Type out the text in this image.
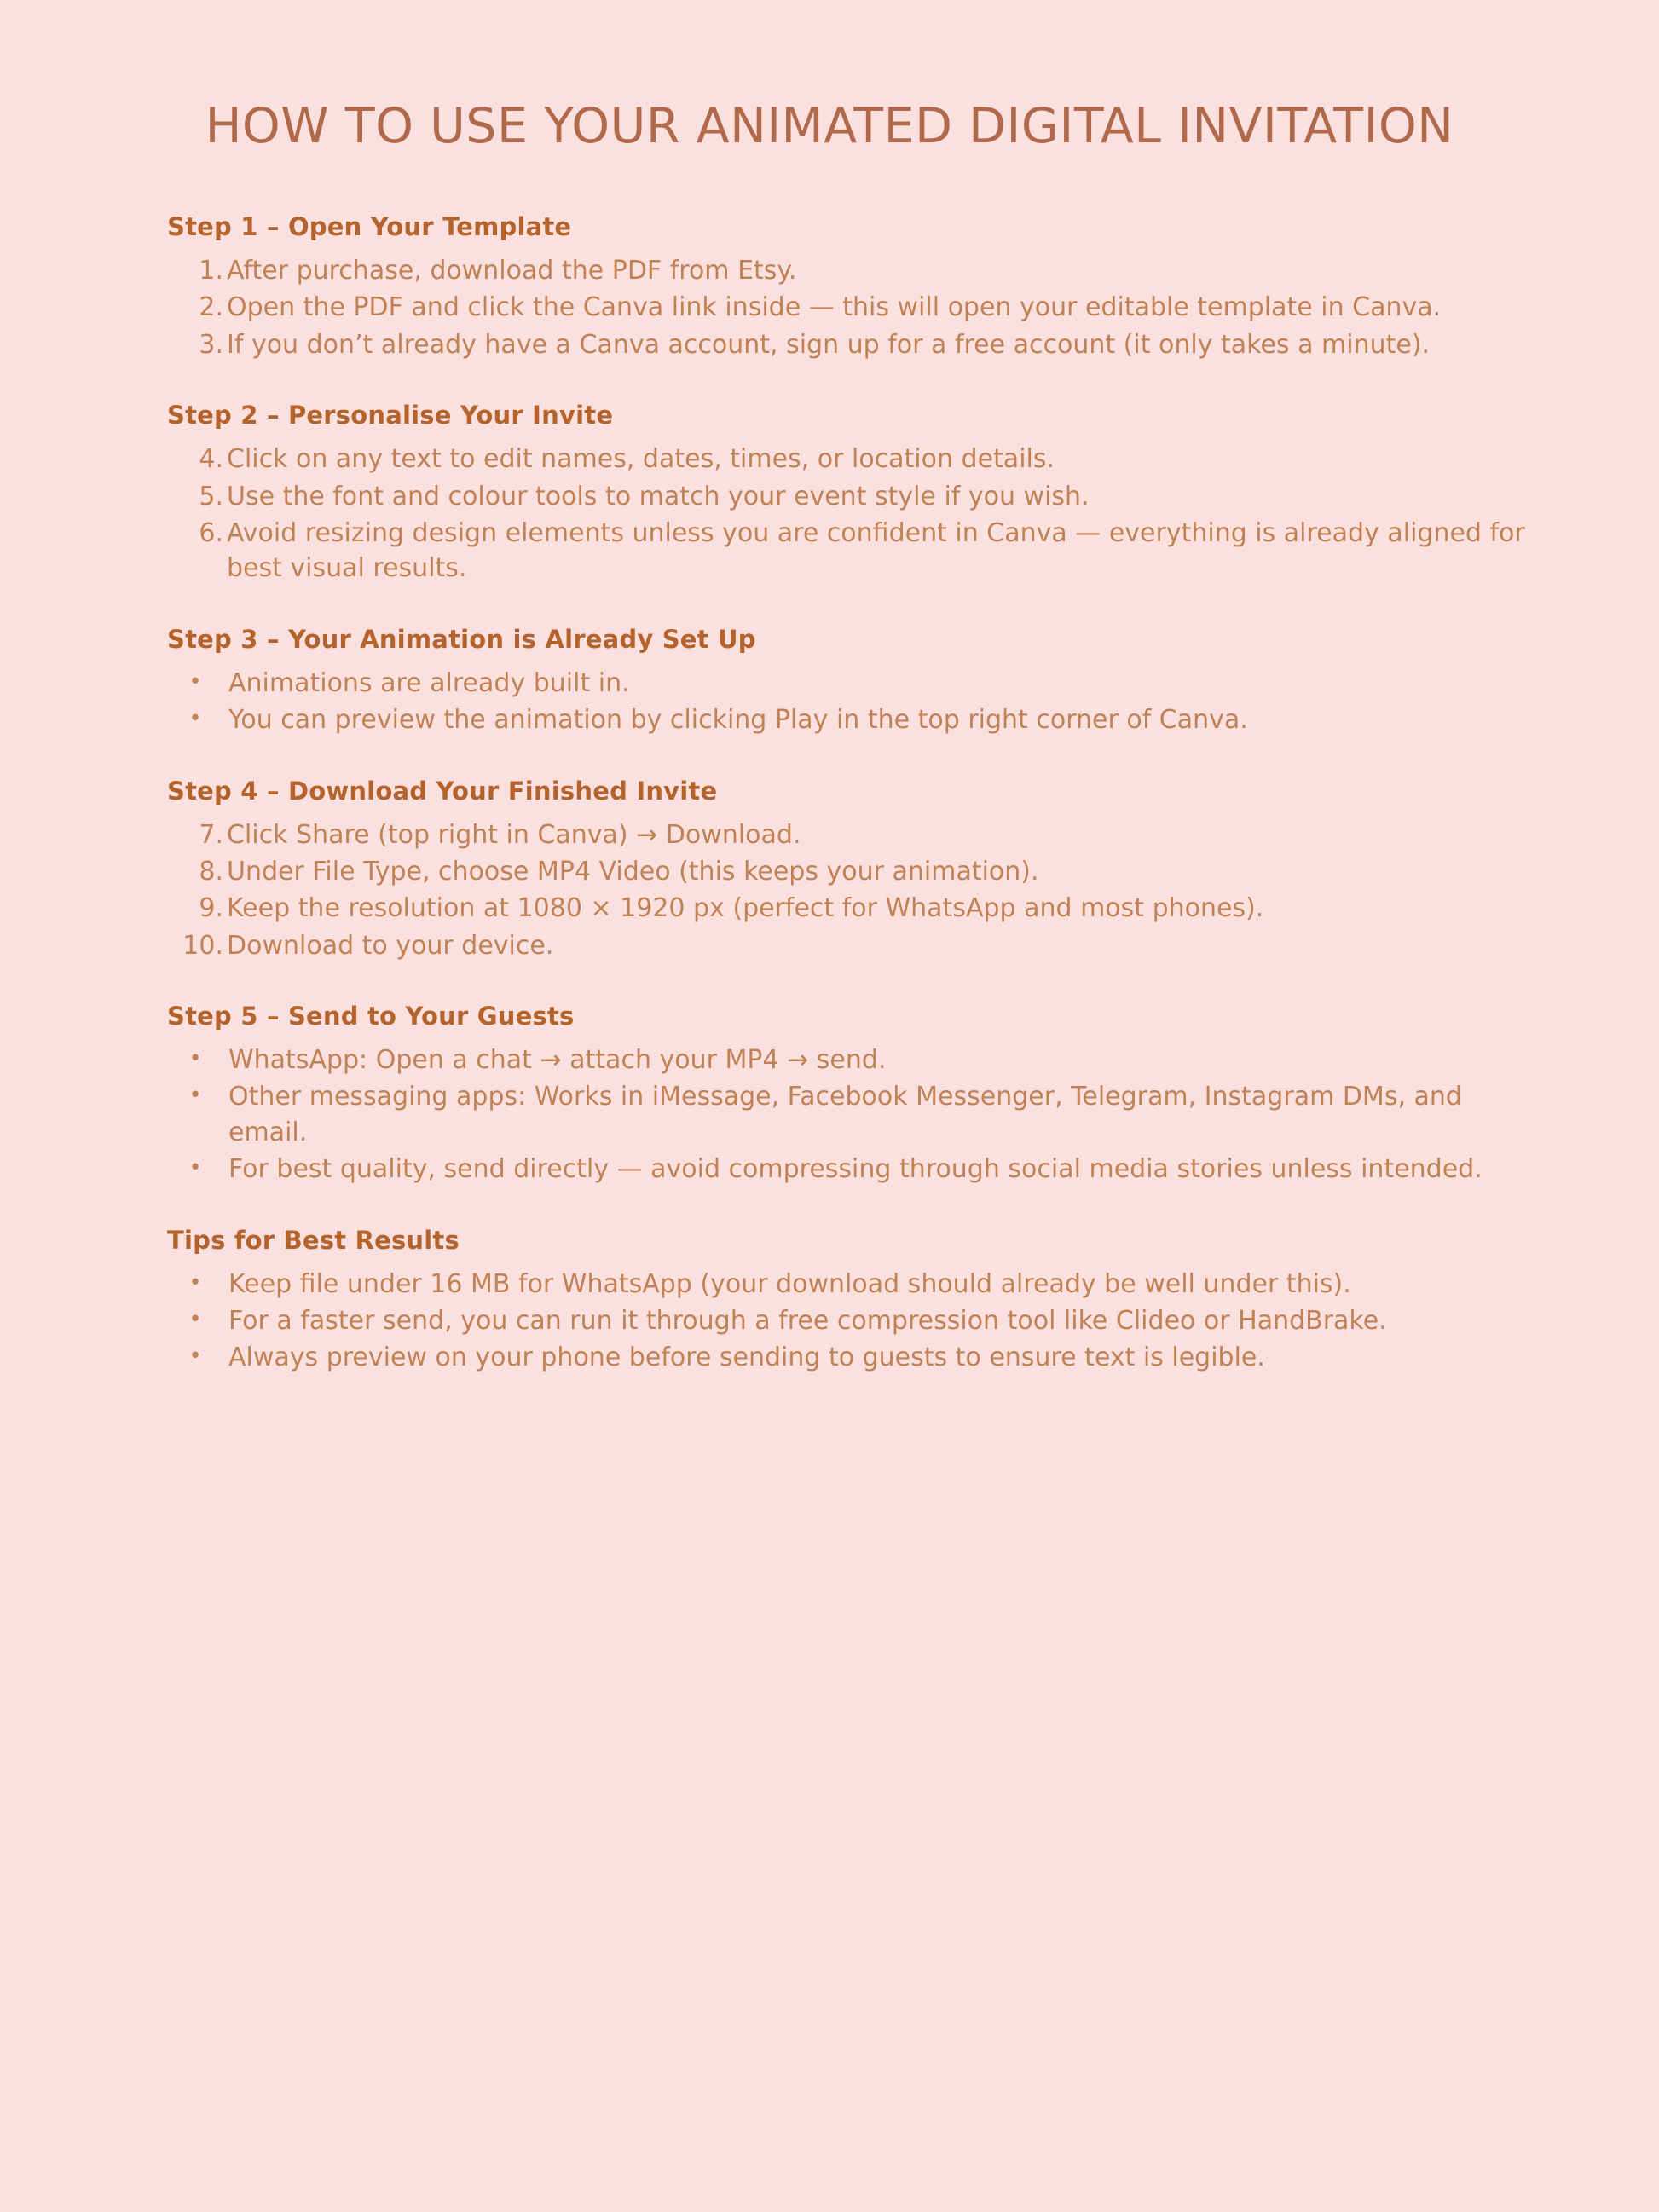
HOW TO USE YOUR ANIMATED DIGITAL INVITATION
Step 1 – Open Your Template
1. After purchase, download the PDF from Etsy.
2. Open the PDF and click the Canva link inside — this will open your editable template in Canva.
3. If you don’t already have a Canva account, sign up for a free account (it only takes a minute).
Step 2 – Personalise Your Invite
4. Click on any text to edit names, dates, times, or location details.
5. Use the font and colour tools to match your event style if you wish.
6. Avoid resizing design elements unless you are confident in Canva — everything is already aligned for best visual results.
Step 3 – Your Animation is Already Set Up
•	Animations are already built in.
•	You can preview the animation by clicking Play in the top right corner of Canva.
Step 4 – Download Your Finished Invite
7. Click Share (top right in Canva) → Download.
8. Under File Type, choose MP4 Video (this keeps your animation).
9. Keep the resolution at 1080 × 1920 px (perfect for WhatsApp and most phones).
10. Download to your device.
Step 5 – Send to Your Guests
•	WhatsApp: Open a chat → attach your MP4 → send.
•	Other messaging apps: Works in iMessage, Facebook Messenger, Telegram, Instagram DMs, and email.
•	For best quality, send directly — avoid compressing through social media stories unless intended.
Tips for Best Results
•	Keep file under 16 MB for WhatsApp (your download should already be well under this).
•	For a faster send, you can run it through a free compression tool like Clideo or HandBrake.
•	Always preview on your phone before sending to guests to ensure text is legible.
